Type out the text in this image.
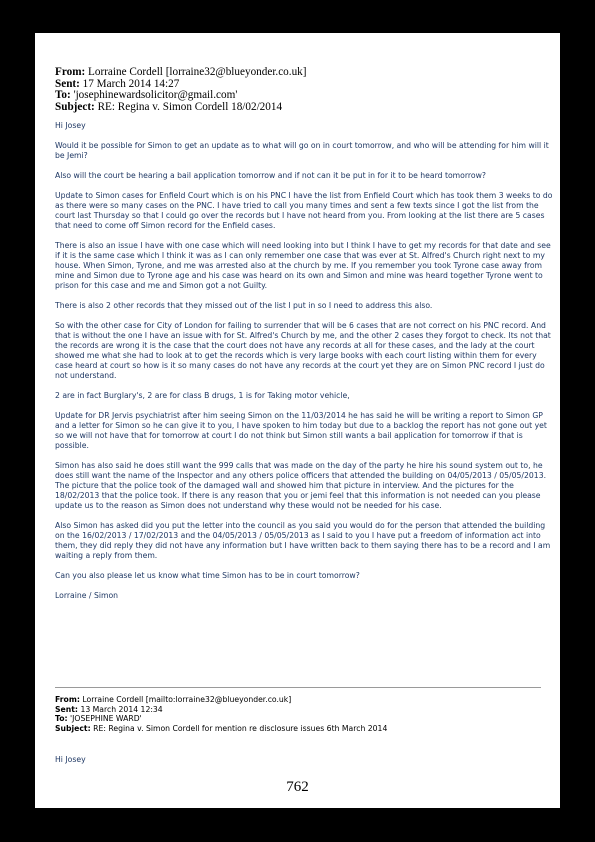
From: Lorraine Cordell [lorraine32@blueyonder.co.uk]
Sent: 17 March 2014 14:27
To: 'josephinewardsolicitor@gmail.com'
Subject: RE: Regina v. Simon Cordell 18/02/2014

Hi Josey

Would it be possible for Simon to get an update as to what will go on in court tomorrow, and who will be attending for him will it be Jemi?

Also will the court be hearing a bail application tomorrow and if not can it be put in for it to be heard tomorrow?

Update to Simon cases for Enfield Court which is on his PNC I have the list from Enfield Court which has took them 3 weeks to do as there were so many cases on the PNC. I have tried to call you many times and sent a few texts since I got the list from the court last Thursday so that I could go over the records but I have not heard from you. From looking at the list there are 5 cases that need to come off Simon record for the Enfield cases.

There is also an issue I have with one case which will need looking into but I think I have to get my records for that date and see if it is the same case which I think it was as I can only remember one case that was ever at St. Alfred's Church right next to my house. When Simon, Tyrone, and me was arrested also at the church by me. If you remember you took Tyrone case away from mine and Simon due to Tyrone age and his case was heard on its own and Simon and mine was heard together Tyrone went to prison for this case and me and Simon got a not Guilty.

There is also 2 other records that they missed out of the list I put in so I need to address this also.

So with the other case for City of London for failing to surrender that will be 6 cases that are not correct on his PNC record. And that is without the one I have an issue with for St. Alfred's Church by me, and the other 2 cases they forgot to check. Its not that the records are wrong it is the case that the court does not have any records at all for these cases, and the lady at the court showed me what she had to look at to get the records which is very large books with each court listing within them for every case heard at court so how is it so many cases do not have any records at the court yet they are on Simon PNC record I just do not understand.

2 are in fact Burglary's, 2 are for class B drugs, 1 is for Taking motor vehicle,

Update for DR Jervis psychiatrist after him seeing Simon on the 11/03/2014 he has said he will be writing a report to Simon GP and a letter for Simon so he can give it to you, I have spoken to him today but due to a backlog the report has not gone out yet so we will not have that for tomorrow at court I do not think but Simon still wants a bail application for tomorrow if that is possible.

Simon has also said he does still want the 999 calls that was made on the day of the party he hire his sound system out to, he does still want the name of the Inspector and any others police officers that attended the building on 04/05/2013 / 05/05/2013. The picture that the police took of the damaged wall and showed him that picture in interview. And the pictures for the 18/02/2013 that the police took. If there is any reason that you or jemi feel that this information is not needed can you please update us to the reason as Simon does not understand why these would not be needed for his case.

Also Simon has asked did you put the letter into the council as you said you would do for the person that attended the building on the 16/02/2013 / 17/02/2013 and the 04/05/2013 / 05/05/2013 as I said to you I have put a freedom of information act into them, they did reply they did not have any information but I have written back to them saying there has to be a record and I am waiting a reply from them.

Can you also please let us know what time Simon has to be in court tomorrow?

Lorraine / Simon

From: Lorraine Cordell [mailto:lorraine32@blueyonder.co.uk]
Sent: 13 March 2014 12:34
To: 'JOSEPHINE WARD'
Subject: RE: Regina v. Simon Cordell for mention re disclosure issues 6th March 2014
Hi Josey
762
